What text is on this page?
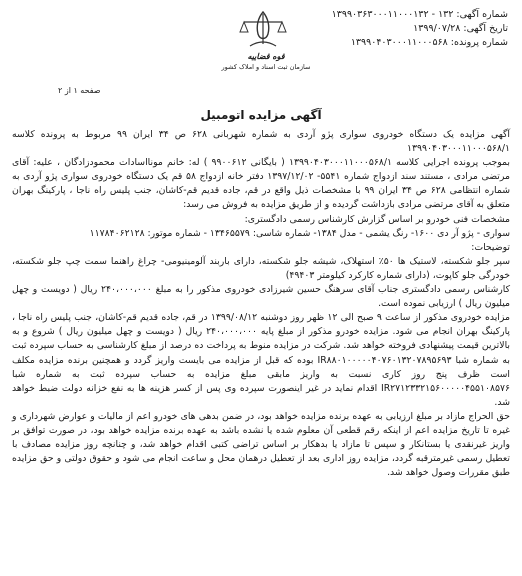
شماره آگهی: ۱۳۲ - ۱۳۹۹۰۳۶۳۰۰۰۱۱۰۰۰۱۳۲
تاریخ آگهی: ۱۳۹۹/۰۷/۲۸
شماره پرونده: ۱۳۹۹۰۴۰۳۰۰۰۱۱۰۰۰۵۶۸
قوه قضاییه
سازمان ثبت اسناد و املاک کشور
صفحه ۱ از ۲
آگهی مزایده اتومبیل

آگهی مزایده یک دستگاه خودروی سواری پژو آردی به شماره شهربانی ۶۲۸ ص ۳۴ ایران ۹۹ مربوط به پرونده کلاسه ۱۳۹۹۰۴۰۳۰۰۰۱۱۰۰۰۵۶۸/۱

بموجب پرونده اجرایی کلاسه ۱۳۹۹۰۴۰۳۰۰۰۱۱۰۰۰۵۶۸/۱ ( بایگانی ۹۹۰۰۶۱۲ ) له: خانم مونااسادات محمودزادگان ، علیه: آقای مرتضی مرادی ، مستند سند ازدواج شماره ۵۵۴۱- ۱۳۹۷/۱۲/۰۲ دفتر خانه ازدواج ۵۸ قم یک دستگاه خودروی سواری پژو آردی به شماره انتظامی ۶۲۸ ص ۳۴ ایران ۹۹ با مشخصات ذیل واقع در قم، جاده قدیم قم-کاشان، جنب پلیس راه ناجا ، پارکینگ بهران متعلق به آقای مرتضی مرادی بازداشت گردیده و از طریق مزایده به فروش می رسد:

مشخصات فنی خودرو بر اساس گزارش کارشناس رسمی دادگستری:

سواری - پژو آر دی ۱۶۰۰- رنگ یشمی - مدل ۱۳۸۴- شماره شاسی: ۱۳۴۶۵۵۷۹ - شماره موتور: ۱۱۷۸۴۰۶۲۱۲۸

توضیحات:

سپر جلو شکسته، لاستیک ها ۵۰٪ استهلاک، شیشه جلو شکسته، دارای باربند آلومینیومی- چراغ راهنما سمت چپ جلو شکسته، خودرگی جلو کاپوت، (دارای شماره کارکرد کیلومتر ۴۹۴۰۳)

کارشناس رسمی دادگستری جناب آقای سرهنگ حسین شیرزادی خودروی مذکور را به مبلغ ۲۴۰،۰۰۰،۰۰۰ ریال ( دویست و چهل میلیون ریال ) ارزیابی نموده است.

مزایده خودروی مذکور از ساعت ۹ صبح الی ۱۲ ظهر روز دوشنبه ۱۳۹۹/۰۸/۱۲ در قم، جاده قدیم قم-کاشان، جنب پلیس راه ناجا ، پارکینگ بهران انجام می شود. مزایده خودرو مذکور از مبلغ پایه ۲۴۰،۰۰۰،۰۰۰ ریال ( دویست و چهل میلیون ریال ) شروع و به بالاترین قیمت پیشنهادی فروخته خواهد شد. شرکت در مزایده منوط به پرداخت ده درصد از مبلغ کارشناسی به حساب سپرده ثبت به شماره شبا IR۸۸۰۱۰۰۰۰۰۴۰۷۶۰۱۳۲۰۷۸۹۵۶۹۳ بوده که قبل از مزایده می بایست واریز گردد و همچنین برنده مزایده مکلف است ظرف پنج روز کاری نسبت به واریز مابقی مبلغ مزایده به حساب سپرده ثبت به شماره شبا IR۲۷۱۲۳۳۲۱۵۶۰۰۰۰۰۴۵۵۱۰۸۵۷۶ اقدام نماید در غیر اینصورت سپرده وی پس از کسر هزینه ها به نفع خزانه دولت ضبط خواهد شد.

حق الحراج مازاد بر مبلغ ارزیابی به عهده برنده مزایده خواهد بود، در ضمن بدهی های خودرو اعم از مالیات و عوارض شهرداری و غیره تا تاریخ مزایده اعم از اینکه رقم قطعی آن معلوم شده یا نشده باشد به عهده برنده مزایده خواهد بود، در صورت توافق بر واریز غیرنقدی یا بستانکار و سپس تا مازاد یا بدهکار بر اساس تراضی کتبی اقدام خواهد شد، و چنانچه روز مزایده مصادف با تعطیل رسمی غیرمترقبه گردد، مزایده روز اداری بعد از تعطیل درهمان محل و ساعت انجام می شود و حقوق دولتی و حق مزایده طبق مقررات وصول خواهد شد.
